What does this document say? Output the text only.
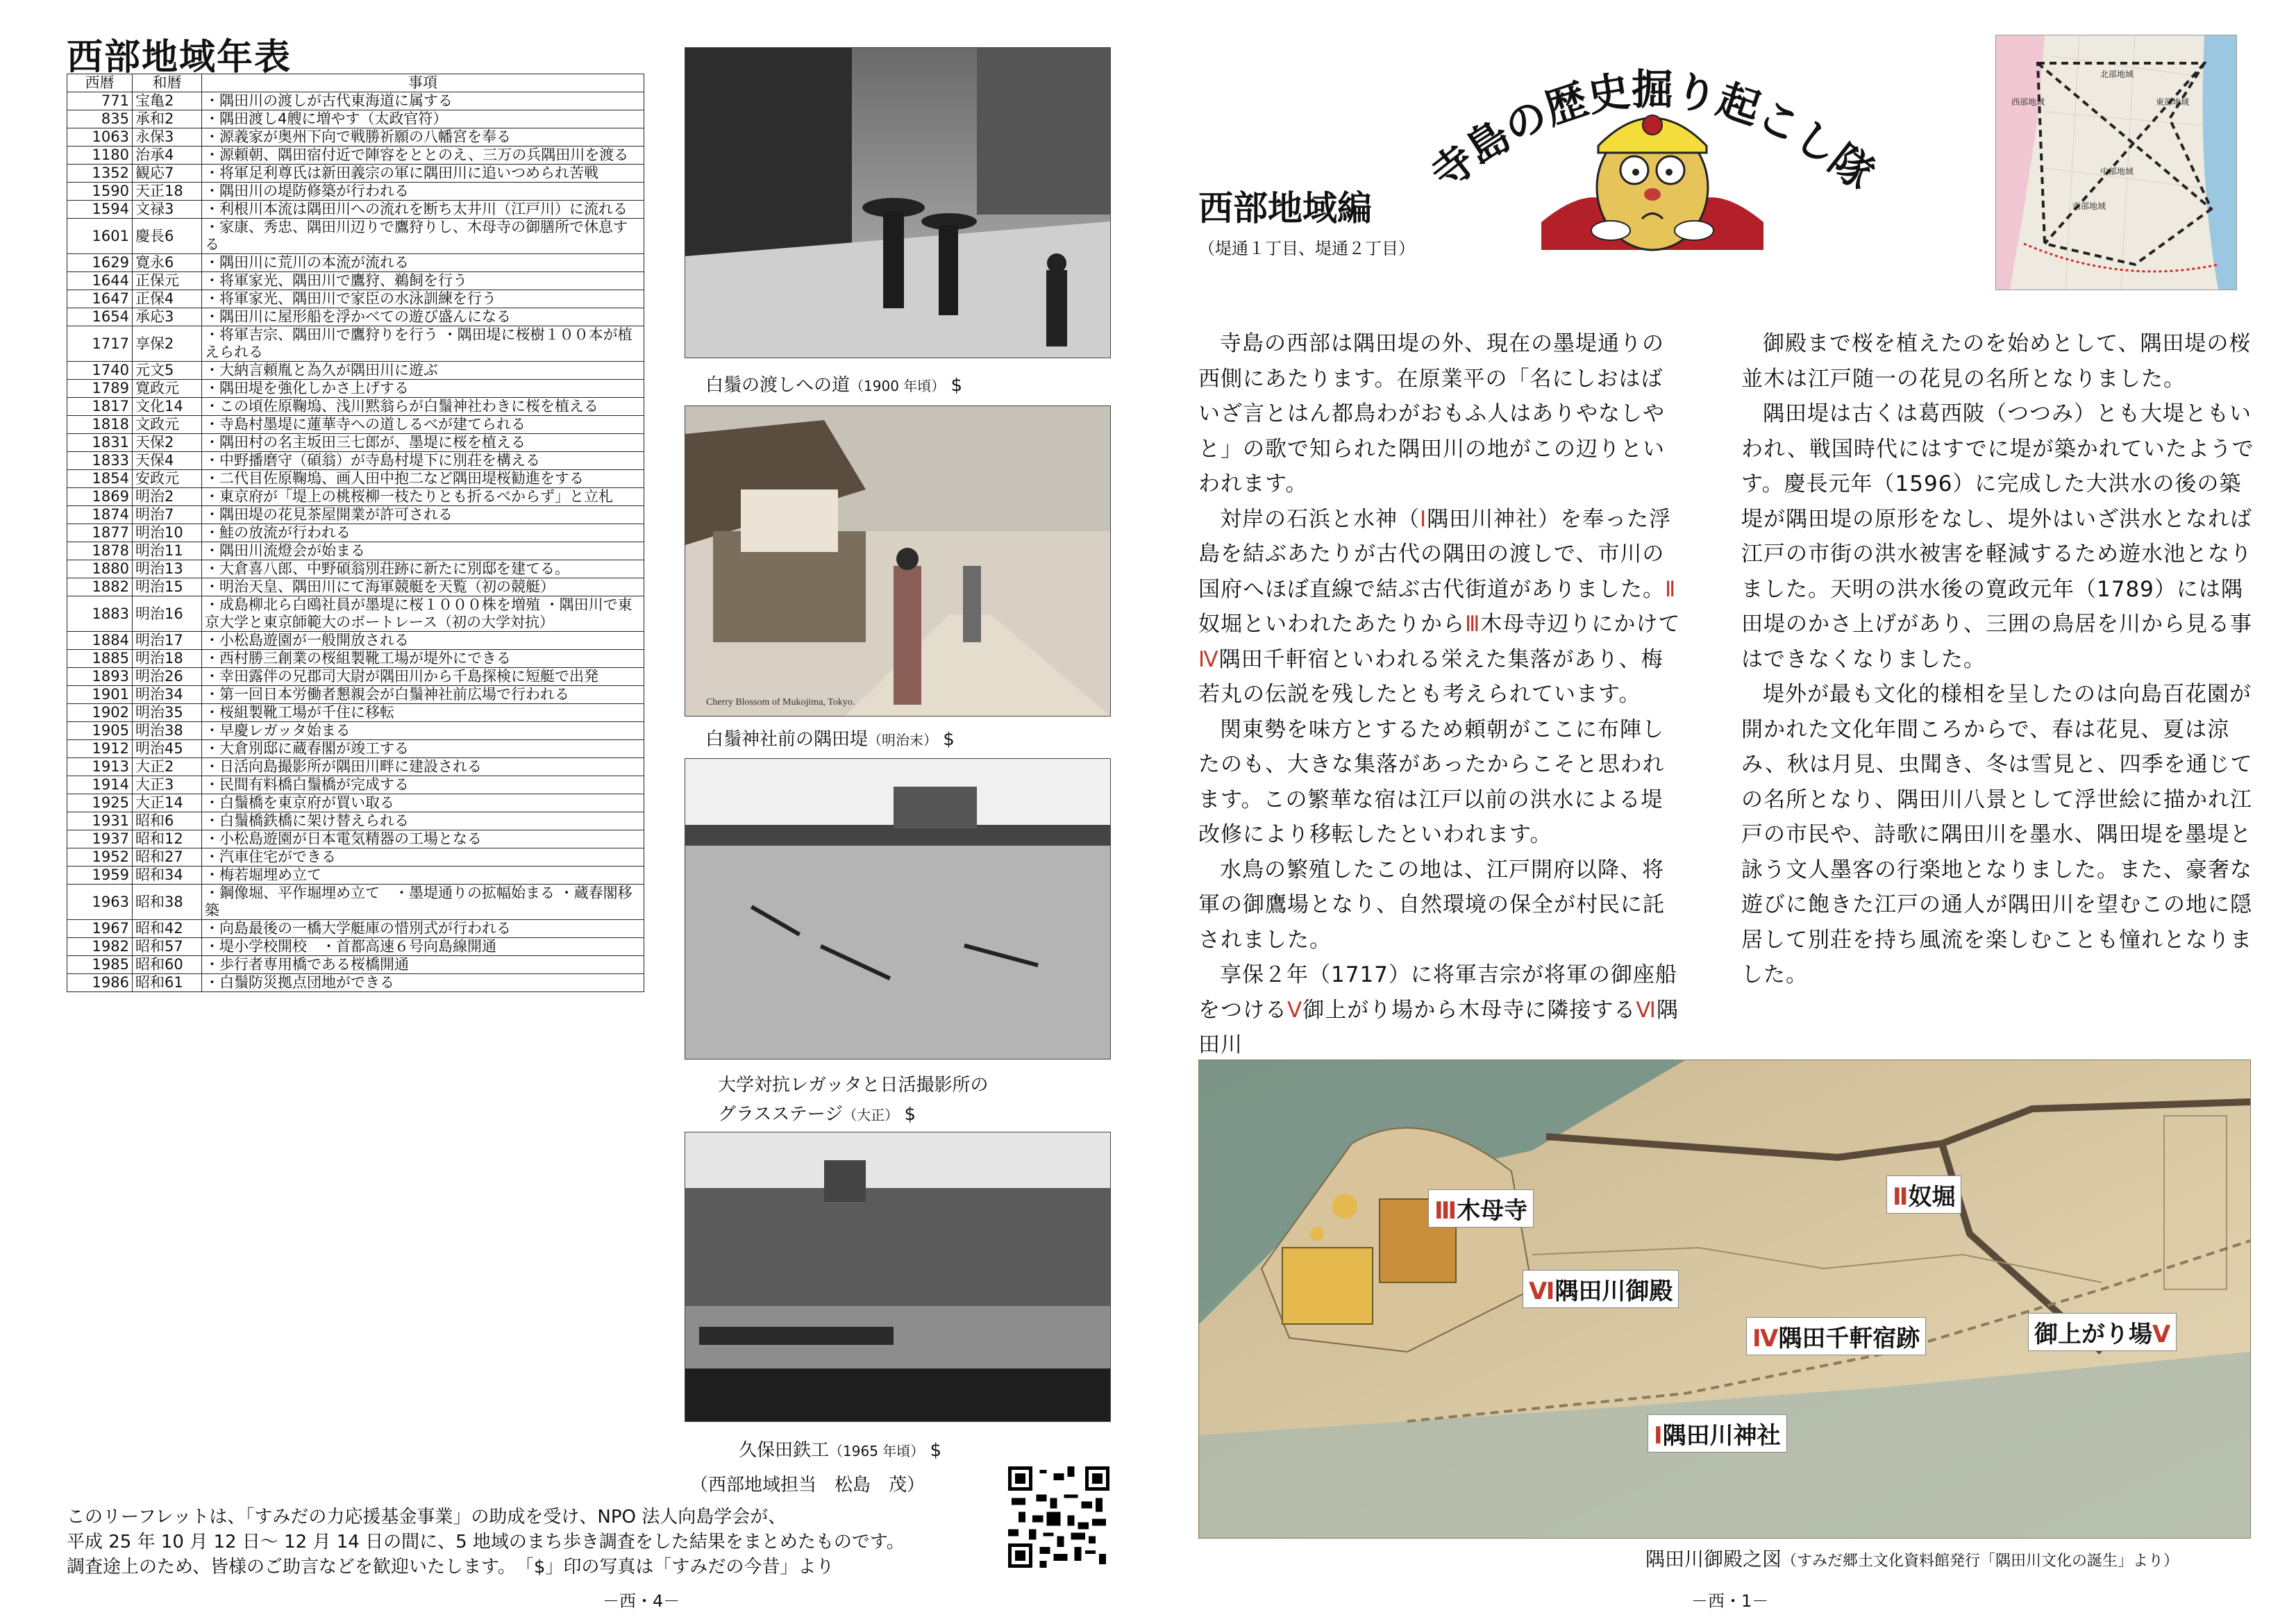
西部地域年表
西暦	和暦	事項
771	宝亀2	・隅田川の渡しが古代東海道に属する
835	承和2	・隅田渡し4艘に増やす（太政官符）
1063	永保3	・源義家が奥州下向で戦勝祈願の八幡宮を奉る
1180	治承4	・源頼朝、隅田宿付近で陣容をととのえ、三万の兵隅田川を渡る
1352	観応7	・将軍足利尊氏は新田義宗の軍に隅田川に追いつめられ苦戦
1590	天正18	・隅田川の堤防修築が行われる
1594	文禄3	・利根川本流は隅田川への流れを断ち太井川（江戸川）に流れる
1601	慶長6	・家康、秀忠、隅田川辺りで鷹狩りし、木母寺の御膳所で休息する
1629	寛永6	・隅田川に荒川の本流が流れる
1644	正保元	・将軍家光、隅田川で鷹狩、鵜飼を行う
1647	正保4	・将軍家光、隅田川で家臣の水泳訓練を行う
1654	承応3	・隅田川に屋形船を浮かべての遊び盛んになる
1717	享保2	・将軍吉宗、隅田川で鷹狩りを行う ・隅田堤に桜樹１００本が植えられる
1740	元文5	・大納言頼胤と為久が隅田川に遊ぶ
1789	寛政元	・隅田堤を強化しかさ上げする
1817	文化14	・この頃佐原鞠塢、浅川黙翁らが白鬚神社わきに桜を植える
1818	文政元	・寺島村墨堤に蓮華寺への道しるべが建てられる
1831	天保2	・隅田村の名主坂田三七郎が、墨堤に桜を植える
1833	天保4	・中野播磨守（碩翁）が寺島村堤下に別荘を構える
1854	安政元	・二代目佐原鞠塢、画人田中抱二など隅田堤桜勧進をする
1869	明治2	・東京府が「堤上の桃桜柳一枝たりとも折るべからず」と立札
1874	明治7	・隅田堤の花見茶屋開業が許可される
1877	明治10	・鮭の放流が行われる
1878	明治11	・隅田川流燈会が始まる
1880	明治13	・大倉喜八郎、中野碩翁別荘跡に新たに別邸を建てる。
1882	明治15	・明治天皇、隅田川にて海軍競艇を天覧（初の競艇）
1883	明治16	・成島柳北ら白鴎社員が墨堤に桜１０００株を増殖 ・隅田川で東京大学と東京師範大のボートレース（初の大学対抗）
1884	明治17	・小松島遊園が一般開放される
1885	明治18	・西村勝三創業の桜組製靴工場が堤外にできる
1893	明治26	・幸田露伴の兄郡司大尉が隅田川から千島探検に短艇で出発
1901	明治34	・第一回日本労働者懇親会が白鬚神社前広場で行われる
1902	明治35	・桜組製靴工場が千住に移転
1905	明治38	・早慶レガッタ始まる
1912	明治45	・大倉別邸に蔵春閣が竣工する
1913	大正2	・日活向島撮影所が隅田川畔に建設される
1914	大正3	・民間有料橋白鬚橋が完成する
1925	大正14	・白鬚橋を東京府が買い取る
1931	昭和6	・白鬚橋鉄橋に架け替えられる
1937	昭和12	・小松島遊園が日本電気精器の工場となる
1952	昭和27	・汽車住宅ができる
1959	昭和34	・梅若堀埋め立て
1963	昭和38	・鋼像堀、平作堀埋め立て　・墨堤通りの拡幅始まる ・蔵春閣移築
1967	昭和42	・向島最後の一橋大学艇庫の惜別式が行われる
1982	昭和57	・堤小学校開校　・首都高速６号向島線開通
1985	昭和60	・歩行者専用橋である桜橋開通
1986	昭和61	・白鬚防災拠点団地ができる
白鬚の渡しへの道（1900 年頃） $
Cherry Blossom of Mukojima, Tokyo.
白鬚神社前の隅田堤（明治末） $
大学対抗レガッタと日活撮影所の
グラスステージ（大正） $
久保田鉄工（1965 年頃） $
（西部地域担当　松島　茂）
このリーフレットは、「すみだの力応援基金事業」の助成を受け、NPO 法人向島学会が、
平成 25 年 10 月 12 日～ 12 月 14 日の間に、5 地域のまち歩き調査をした結果をまとめたものです。
調査途上のため、皆様のご助言などを歓迎いたします。　「$」印の写真は「すみだの今昔」より
－西・4－
寺島の歴史掘り起こし隊
西部地域編
（堤通１丁目、堤通２丁目）
北部地域
東部地域
中部地域
南部地域
西部地域

寺島の西部は隅田堤の外、現在の墨堤通りの西側にあたります。在原業平の「名にしおはばいざ言とはん都鳥わがおもふ人はありやなしやと」の歌で知られた隅田川の地がこの辺りといわれます。

対岸の石浜と水神（Ⅰ隅田川神社）を奉った浮島を結ぶあたりが古代の隅田の渡しで、市川の国府へほぼ直線で結ぶ古代街道がありました。Ⅱ奴堀といわれたあたりからⅢ木母寺辺りにかけてⅣ隅田千軒宿といわれる栄えた集落があり、梅若丸の伝説を残したとも考えられています。

関東勢を味方とするため頼朝がここに布陣したのも、大きな集落があったからこそと思われます。この繁華な宿は江戸以前の洪水による堤改修により移転したといわれます。

水鳥の繁殖したこの地は、江戸開府以降、将軍の御鷹場となり、自然環境の保全が村民に託されました。

享保２年（1717）に将軍吉宗が将軍の御座船をつけるⅤ御上がり場から木母寺に隣接するⅥ隅田川

御殿まで桜を植えたのを始めとして、隅田堤の桜並木は江戸随一の花見の名所となりました。

隅田堤は古くは葛西陂（つつみ）とも大堤ともいわれ、戦国時代にはすでに堤が築かれていたようです。慶長元年（1596）に完成した大洪水の後の築堤が隅田堤の原形をなし、堤外はいざ洪水となれば江戸の市街の洪水被害を軽減するため遊水池となりました。天明の洪水後の寛政元年（1789）には隅田堤のかさ上げがあり、三囲の鳥居を川から見る事はできなくなりました。

堤外が最も文化的様相を呈したのは向島百花園が開かれた文化年間ころからで、春は花見、夏は涼み、秋は月見、虫聞き、冬は雪見と、四季を通じての名所となり、隅田川八景として浮世絵に描かれ江戸の市民や、詩歌に隅田川を墨水、隅田堤を墨堤と詠う文人墨客の行楽地となりました。また、豪奢な遊びに飽きた江戸の通人が隅田川を望むこの地に隠居して別荘を持ち風流を楽しむことも憧れとなりました。

Ⅲ木母寺	Ⅱ奴堀
Ⅵ隅田川御殿
Ⅳ隅田千軒宿跡	御上がり場Ⅴ
Ⅰ隅田川神社
隅田川御殿之図（すみだ郷土文化資料館発行「隅田川文化の誕生」より）
－西・1－
